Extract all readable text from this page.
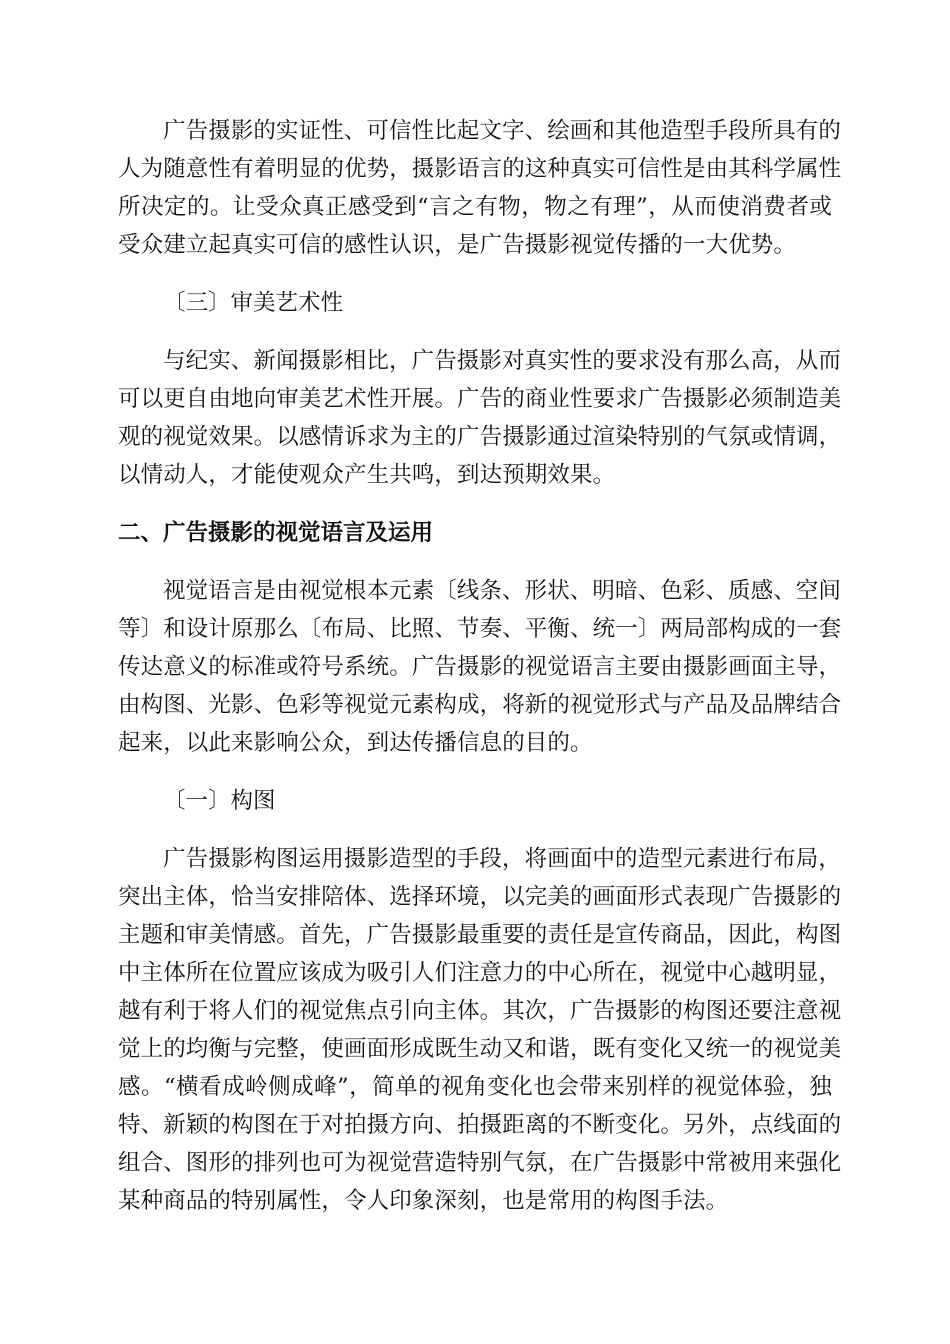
广告摄影的实证性、可信性比起文字、绘画和其他造型手段所具有的
人为随意性有着明显的优势，摄影语言的这种真实可信性是由其科学属性
所决定的。让受众真正感受到“言之有物，物之有理”，从而使消费者或
受众建立起真实可信的感性认识，是广告摄影视觉传播的一大优势。
〔三〕审美艺术性
与纪实、新闻摄影相比，广告摄影对真实性的要求没有那么高，从而
可以更自由地向审美艺术性开展。广告的商业性要求广告摄影必须制造美
观的视觉效果。以感情诉求为主的广告摄影通过渲染特别的气氛或情调，
以情动人，才能使观众产生共鸣，到达预期效果。
二、广告摄影的视觉语言及运用
视觉语言是由视觉根本元素〔线条、形状、明暗、色彩、质感、空间
等〕和设计原那么〔布局、比照、节奏、平衡、统一〕两局部构成的一套
传达意义的标准或符号系统。广告摄影的视觉语言主要由摄影画面主导，
由构图、光影、色彩等视觉元素构成，将新的视觉形式与产品及品牌结合
起来，以此来影响公众，到达传播信息的目的。
〔一〕构图
广告摄影构图运用摄影造型的手段，将画面中的造型元素进行布局，
突出主体，恰当安排陪体、选择环境，以完美的画面形式表现广告摄影的
主题和审美情感。首先，广告摄影最重要的责任是宣传商品，因此，构图
中主体所在位置应该成为吸引人们注意力的中心所在，视觉中心越明显，
越有利于将人们的视觉焦点引向主体。其次，广告摄影的构图还要注意视
觉上的均衡与完整，使画面形成既生动又和谐，既有变化又统一的视觉美
感。“横看成岭侧成峰”，简单的视角变化也会带来别样的视觉体验，独
特、新颖的构图在于对拍摄方向、拍摄距离的不断变化。另外，点线面的
组合、图形的排列也可为视觉营造特别气氛，在广告摄影中常被用来强化
某种商品的特别属性，令人印象深刻，也是常用的构图手法。
